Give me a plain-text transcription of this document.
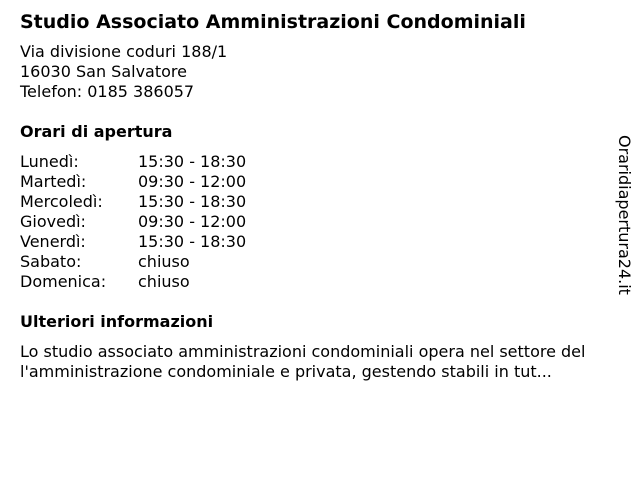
Studio Associato Amministrazioni Condominiali
Via divisione coduri 188/1
16030 San Salvatore
Telefon: 0185 386057
Orari di apertura
Lunedì:	15:30 - 18:30
Martedì:	09:30 - 12:00
Mercoledì:	15:30 - 18:30
Giovedì:	09:30 - 12:00
Venerdì:	15:30 - 18:30
Sabato:	chiuso
Domenica:	chiuso
Ulteriori informazioni
Lo studio associato amministrazioni condominiali opera nel settore del
l'amministrazione condominiale e privata, gestendo stabili in tut...
Oraridiapertura24.it
